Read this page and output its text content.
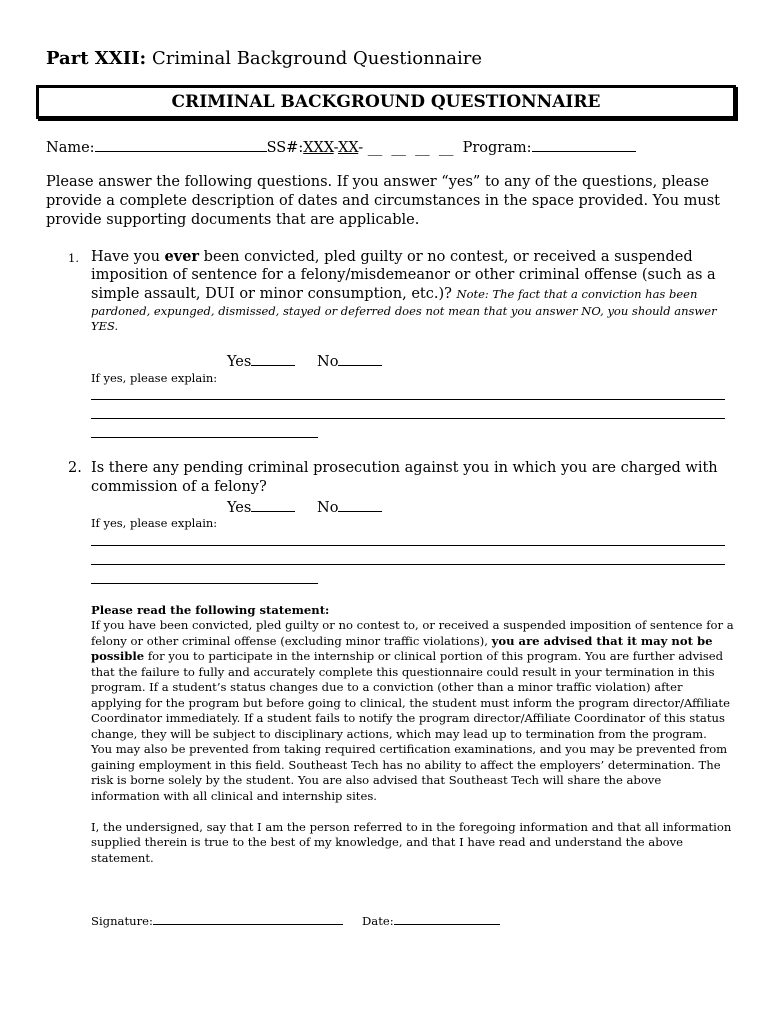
Part XXII: Criminal Background Questionnaire
CRIMINAL BACKGROUND QUESTIONNAIRE
Name:	SS#:XXX-XX- __  __  __  __ Program:
Please answer the following questions. If you answer “yes” to any of the questions, please
provide a complete description of dates and circumstances in the space provided. You must
provide supporting documents that are applicable.
1. Have you ever been convicted, pled guilty or no contest, or received a suspended
imposition of sentence for a felony/misdemeanor or other criminal offense (such as a
simple assault, DUI or minor consumption, etc.)? Note: The fact that a conviction has been
pardoned, expunged, dismissed, stayed or deferred does not mean that you answer NO, you should answer
YES.
Yes	No
If yes, please explain:
2. Is there any pending criminal prosecution against you in which you are charged with
commission of a felony?
Yes	No
If yes, please explain:
Please read the following statement:
If you have been convicted, pled guilty or no contest to, or received a suspended imposition of sentence for a
felony or other criminal offense (excluding minor traffic violations), you are advised that it may not be
possible for you to participate in the internship or clinical portion of this program. You are further advised
that the failure to fully and accurately complete this questionnaire could result in your termination in this
program. If a student’s status changes due to a conviction (other than a minor traffic violation) after
applying for the program but before going to clinical, the student must inform the program director/Affiliate
Coordinator immediately. If a student fails to notify the program director/Affiliate Coordinator of this status
change, they will be subject to disciplinary actions, which may lead up to termination from the program.
You may also be prevented from taking required certification examinations, and you may be prevented from
gaining employment in this field. Southeast Tech has no ability to affect the employers’ determination. The
risk is borne solely by the student. You are also advised that Southeast Tech will share the above
information with all clinical and internship sites.
I, the undersigned, say that I am the person referred to in the foregoing information and that all information
supplied therein is true to the best of my knowledge, and that I have read and understand the above
statement.
Signature:	Date:
